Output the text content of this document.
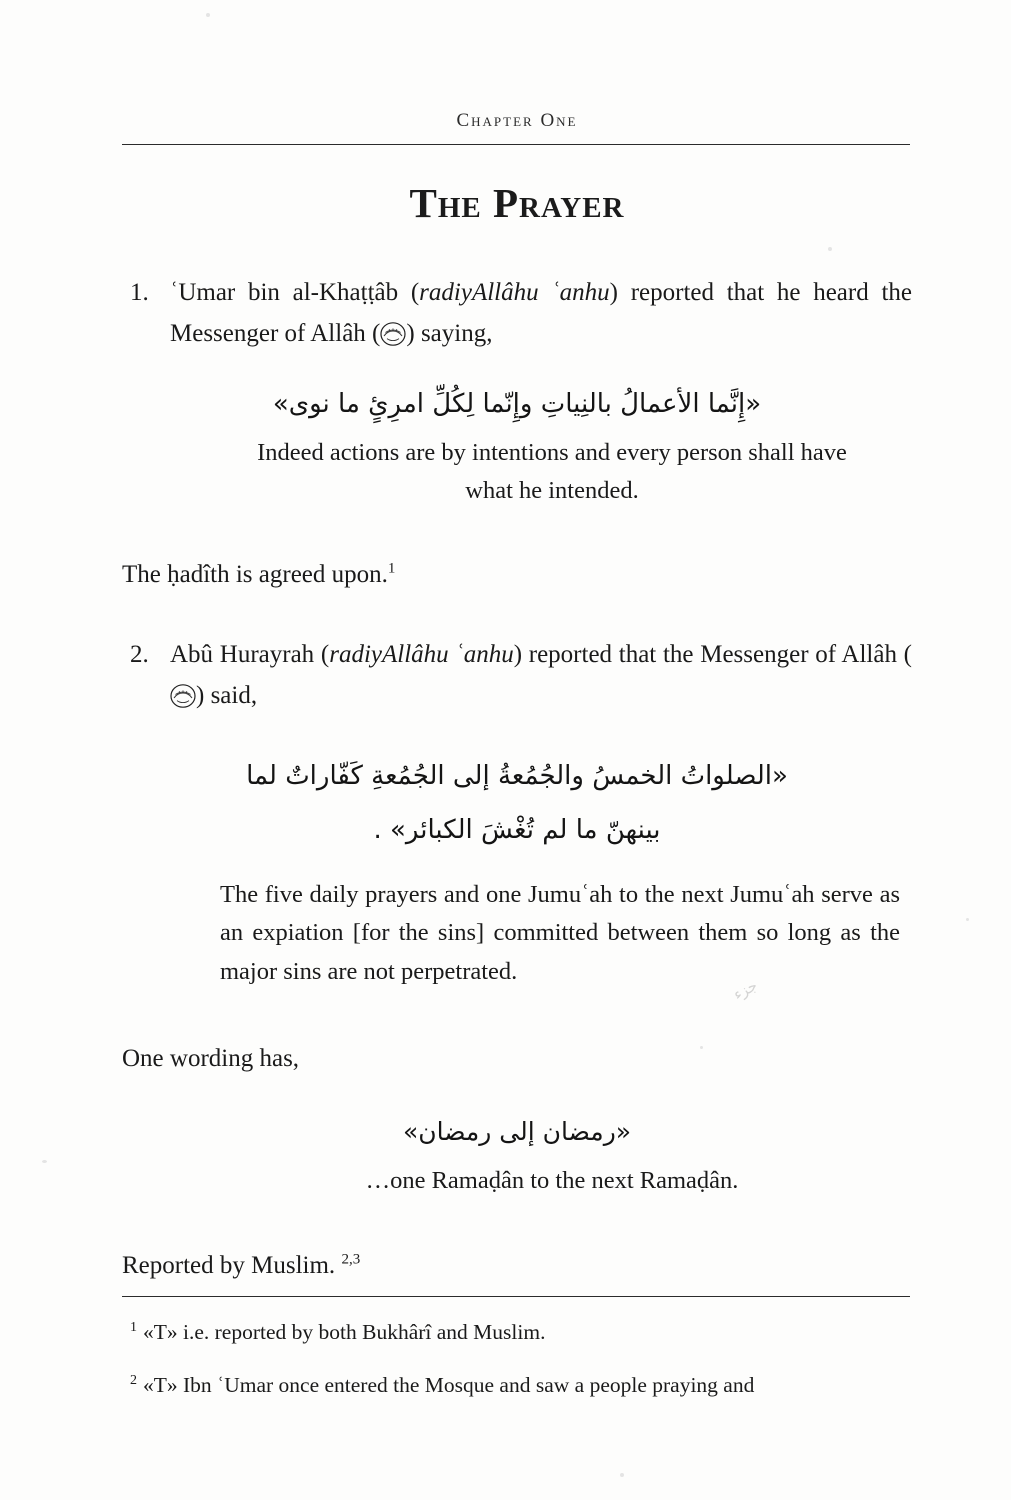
Chapter One
The Prayer
1. ʿUmar bin al-Khaṭṭâb (radiyAllâhu ʿanhu) reported that he heard the Messenger of Allâh ( ) saying,
«إِنَّما الأعمالُ بالنِياتِ وإِنّما لِكُلِّ امرِئٍ ما نوى»
Indeed actions are by intentions and every person shall have what he intended.
The ḥadîth is agreed upon.$^1$
2. Abû Hurayrah (radiyAllâhu ʿanhu) reported that the Messenger of Allâh (
) said,
«الصلواتُ الخمسُ والجُمُعةُ إلى الجُمُعةِ كَفّاراتٌ لما
بينهنّ ما لم تُغْشَ الكبائر» .
The five daily prayers and one Jumuʿah to the next Jumuʿah serve as an expiation [for the sins] committed between them so long as the major sins are not perpetrated.
One wording has,
«رمضان إلى رمضان»
…one Ramaḍân to the next Ramaḍân.
Reported by Muslim. $^{2,3}$
جزء

$^1$ «T» i.e. reported by both Bukhârî and Muslim.

$^2$ «T» Ibn ʿUmar once entered the Mosque and saw a people praying and
